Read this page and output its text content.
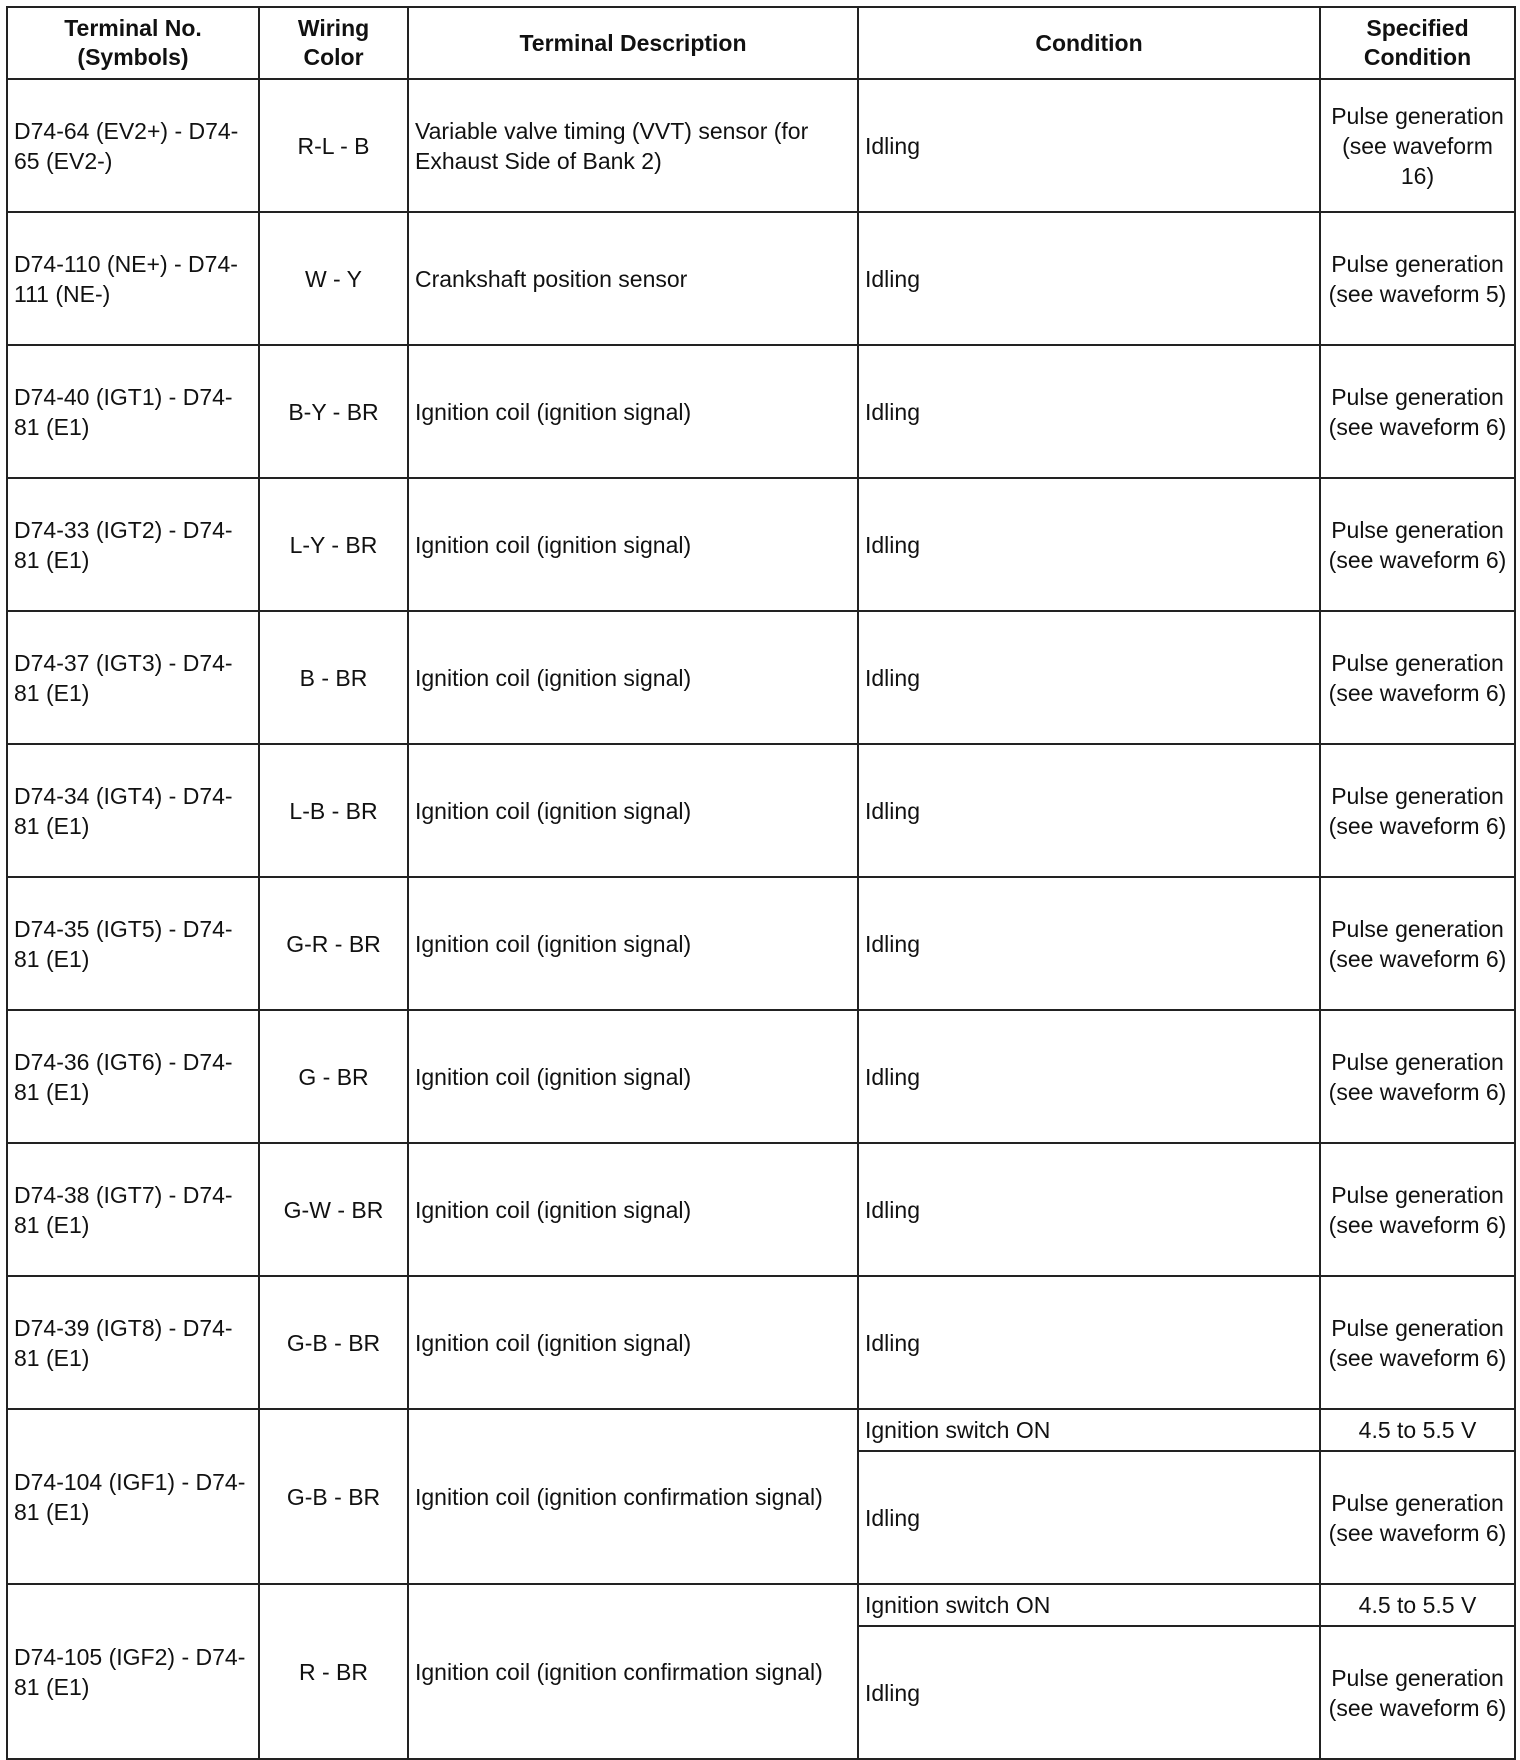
Terminal No. (Symbols)	Wiring Color	Terminal Description	Condition	Specified Condition
D74-64 (EV2+) - D74-65 (EV2-)	R-L - B	Variable valve timing (VVT) sensor (for Exhaust Side of Bank 2)	Idling	Pulse generation (see waveform 16)
D74-110 (NE+) - D74-111 (NE-)	W - Y	Crankshaft position sensor	Idling	Pulse generation (see waveform 5)
D74-40 (IGT1) - D74-81 (E1)	B-Y - BR	Ignition coil (ignition signal)	Idling	Pulse generation (see waveform 6)
D74-33 (IGT2) - D74-81 (E1)	L-Y - BR	Ignition coil (ignition signal)	Idling	Pulse generation (see waveform 6)
D74-37 (IGT3) - D74-81 (E1)	B - BR	Ignition coil (ignition signal)	Idling	Pulse generation (see waveform 6)
D74-34 (IGT4) - D74-81 (E1)	L-B - BR	Ignition coil (ignition signal)	Idling	Pulse generation (see waveform 6)
D74-35 (IGT5) - D74-81 (E1)	G-R - BR	Ignition coil (ignition signal)	Idling	Pulse generation (see waveform 6)
D74-36 (IGT6) - D74-81 (E1)	G - BR	Ignition coil (ignition signal)	Idling	Pulse generation (see waveform 6)
D74-38 (IGT7) - D74-81 (E1)	G-W - BR	Ignition coil (ignition signal)	Idling	Pulse generation (see waveform 6)
D74-39 (IGT8) - D74-81 (E1)	G-B - BR	Ignition coil (ignition signal)	Idling	Pulse generation (see waveform 6)
D74-104 (IGF1) - D74-81 (E1)	G-B - BR	Ignition coil (ignition confirmation signal)	Ignition switch ON	4.5 to 5.5 V
			Idling	Pulse generation (see waveform 6)
D74-105 (IGF2) - D74-81 (E1)	R - BR	Ignition coil (ignition confirmation signal)	Ignition switch ON	4.5 to 5.5 V
			Idling	Pulse generation (see waveform 6)
